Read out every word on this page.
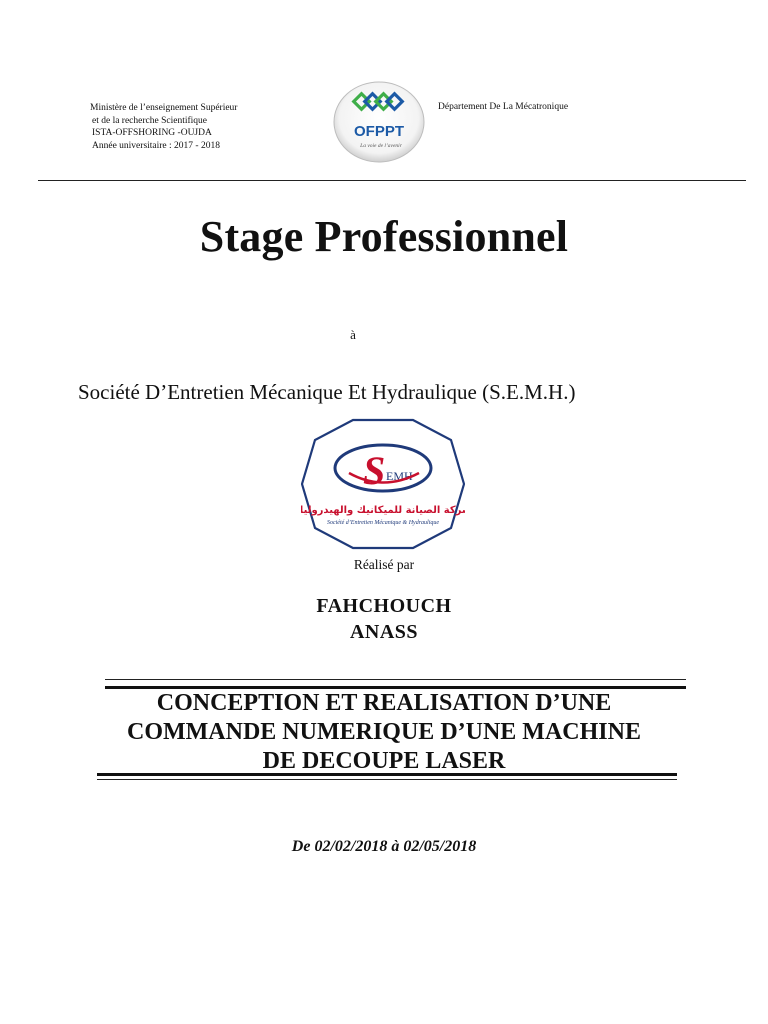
Ministère de l’enseignement Supérieur
et de la recherche Scientifique
ISTA-OFFSHORING -OUJDA
Année universitaire : 2017 - 2018
OFPPT
La voie de l’avenir
Département De La Mécatronique
Stage Professionnel
à
Société D’Entretien Mécanique Et Hydraulique (S.E.M.H.)
S EMH
شركة الصيانة للميكانيك والهيدروليك
Société d’Entretien Mécanique & Hydraulique
Réalisé par
FAHCHOUCH
ANASS
CONCEPTION ET REALISATION D’UNE
COMMANDE NUMERIQUE D’UNE MACHINE
DE DECOUPE LASER
De 02/02/2018 à 02/05/2018
